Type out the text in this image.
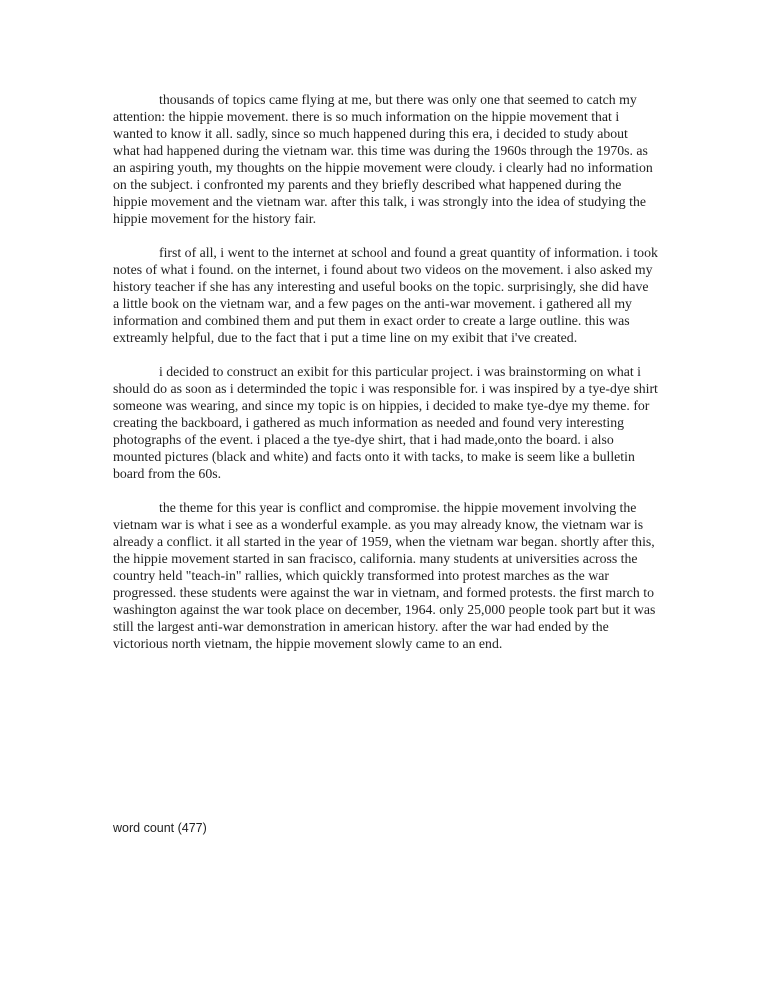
thousands of topics came flying at me, but there was only one that seemed to catch my attention: the hippie movement. there is so much information on the hippie movement that i wanted to know it all. sadly, since so much happened during this era, i decided to study about what had happened during the vietnam war. this time was during the 1960s through the 1970s. as an aspiring youth, my thoughts on the hippie movement were cloudy. i clearly had no information on the subject. i confronted my parents and they briefly described what happened during the hippie movement and the vietnam war. after this talk, i was strongly into the idea of studying the hippie movement for the history fair.

first of all, i went to the internet at school and found a great quantity of information. i took notes of what i found. on the internet, i found about two videos on the movement. i also asked my history teacher if she has any interesting and useful books on the topic. surprisingly, she did have a little book on the vietnam war, and a few pages on the anti-war movement. i gathered all my information and combined them and put them in exact order to create a large outline. this was extreamly helpful, due to the fact that i put a time line on my exibit that i've created.

i decided to construct an exibit for this particular project. i was brainstorming on what i should do as soon as i determinded the topic i was responsible for. i was inspired by a tye-dye shirt someone was wearing, and since my topic is on hippies, i decided to make tye-dye my theme. for creating the backboard, i gathered as much information as needed and found very interesting photographs of the event. i placed a the tye-dye shirt, that i had made,onto the board. i also mounted pictures (black and white) and facts onto it with tacks, to make is seem like a bulletin board from the 60s.

the theme for this year is conflict and compromise. the hippie movement involving the vietnam war is what i see as a wonderful example. as you may already know, the vietnam war is already a conflict. it all started in the year of 1959, when the vietnam war began. shortly after this, the hippie movement started in san fracisco, california. many students at universities across the country held "teach-in" rallies, which quickly transformed into protest marches as the war progressed. these students were against the war in vietnam, and formed protests. the first march to washington against the war took place on december, 1964. only 25,000 people took part but it was still the largest anti-war demonstration in american history. after the war had ended by the victorious north vietnam, the hippie movement slowly came to an end.

word count (477)
